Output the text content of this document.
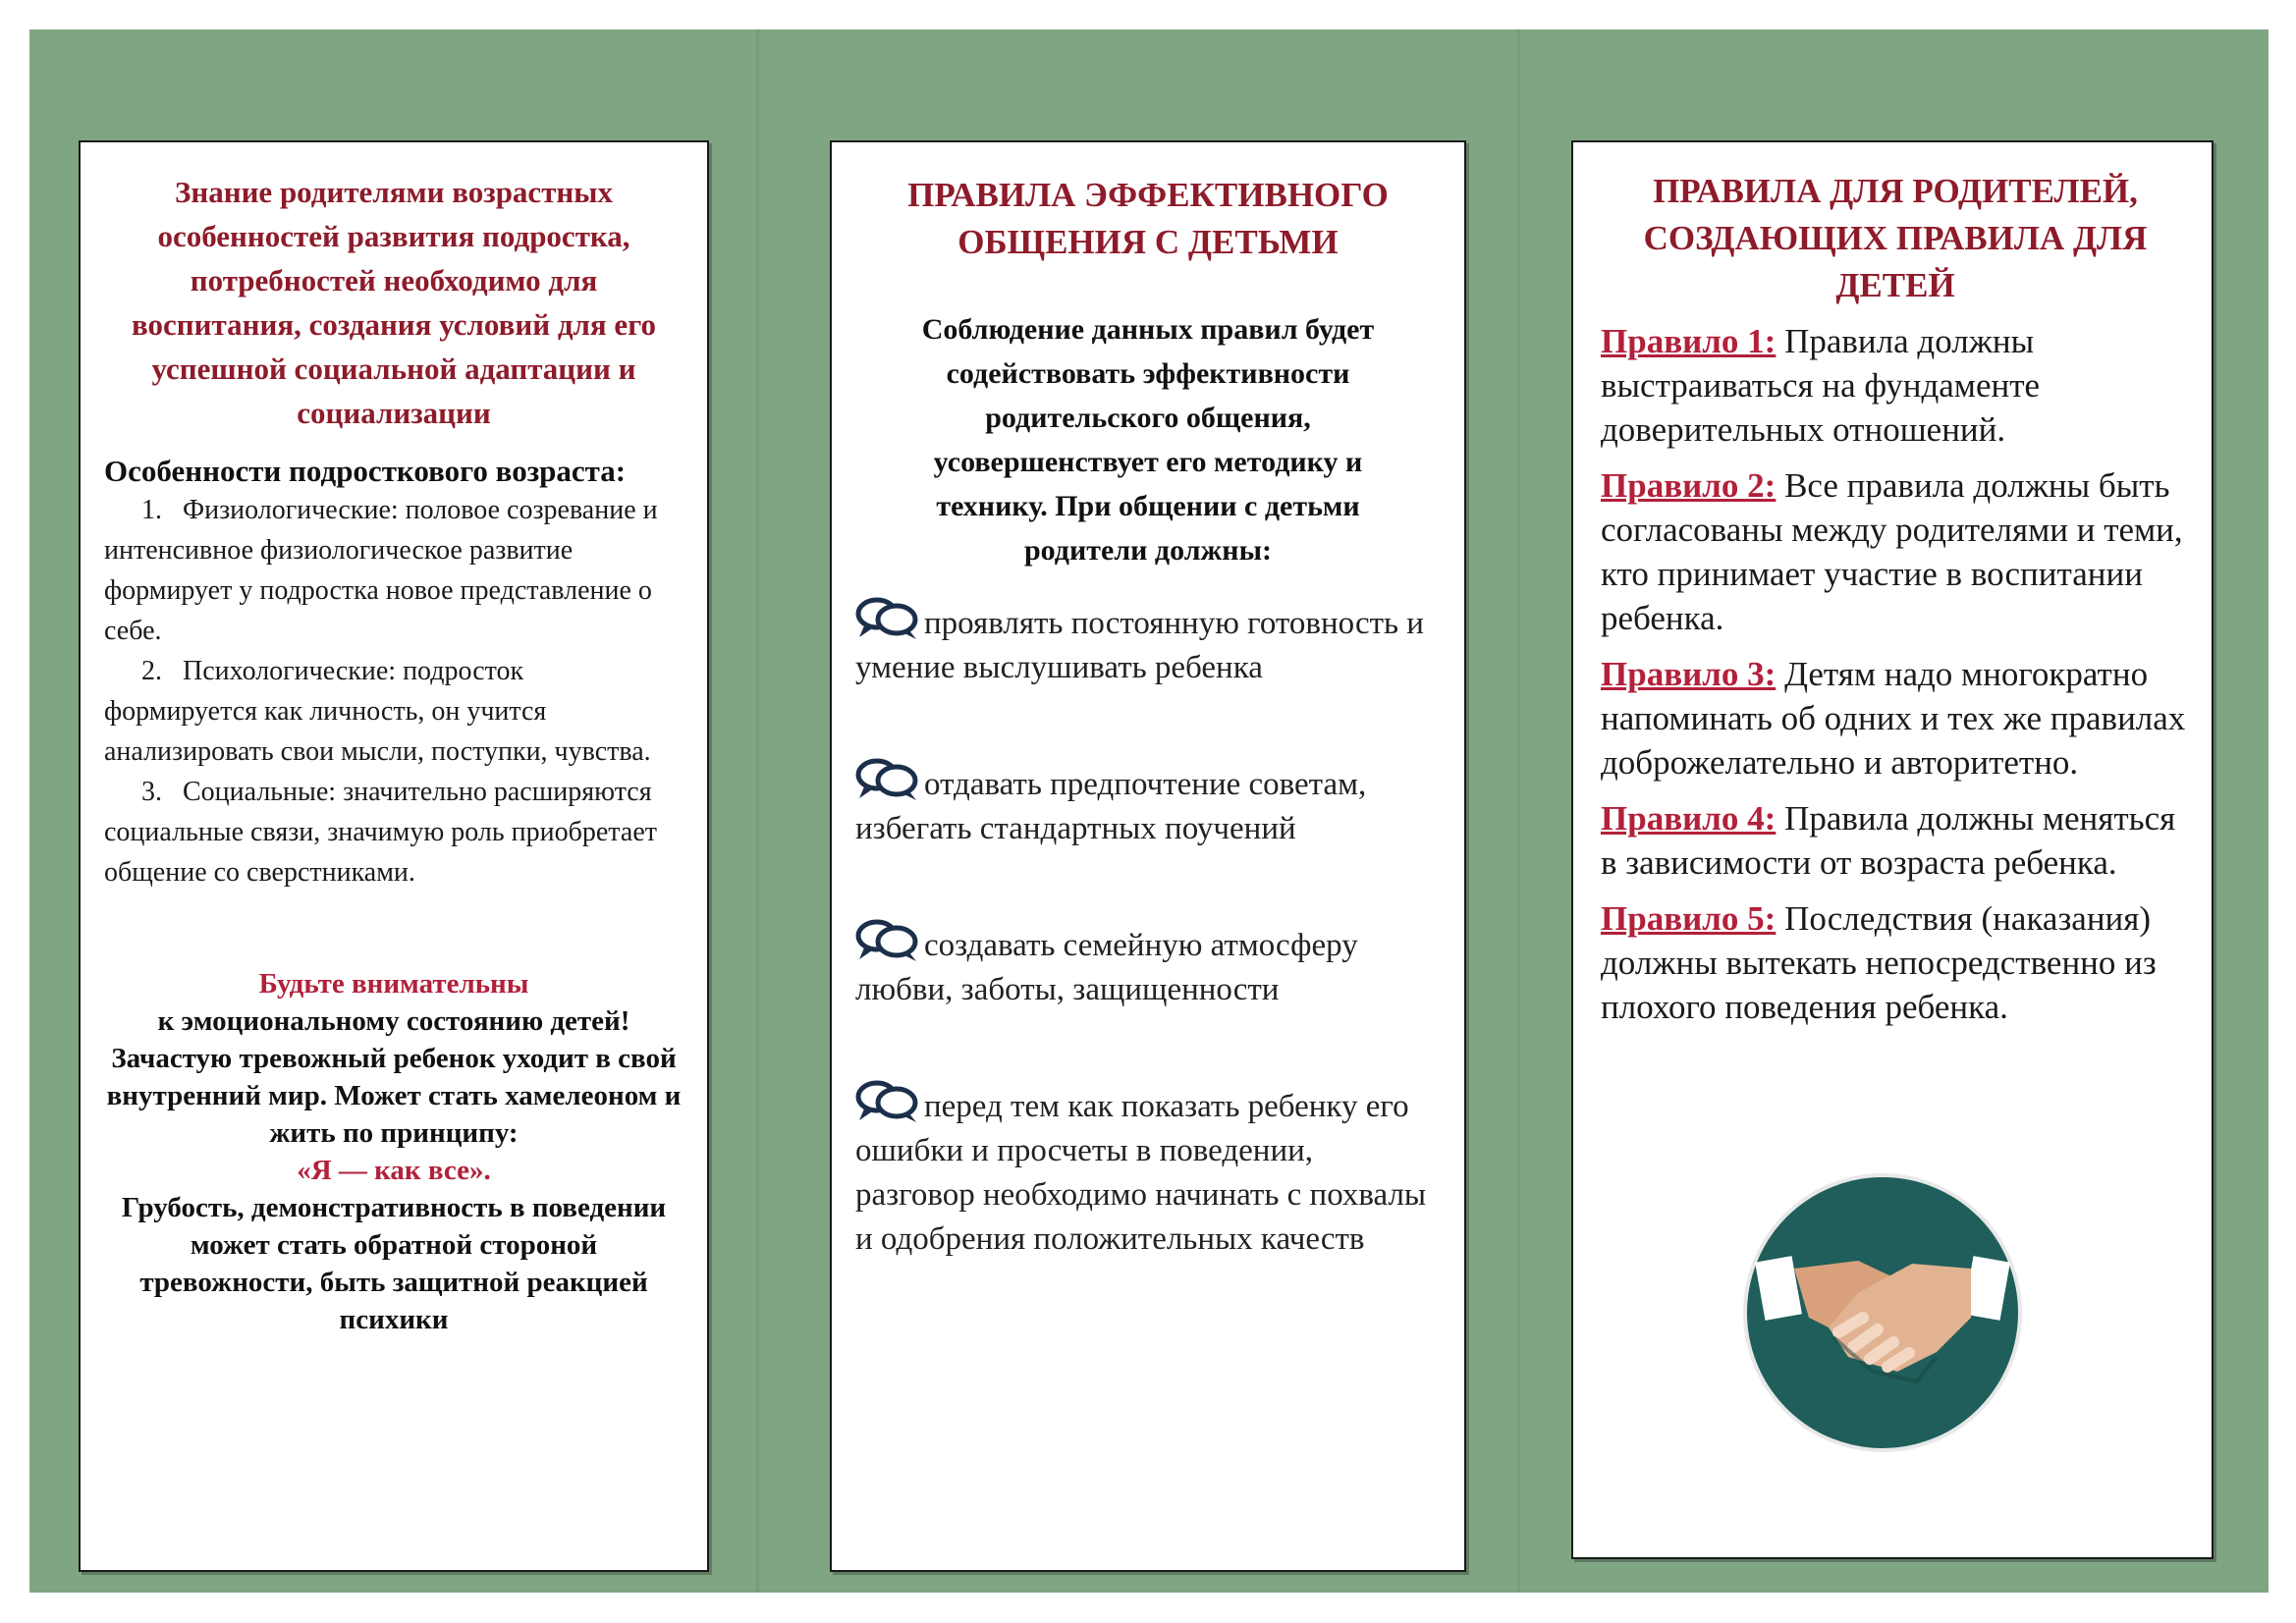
Знание родителями возрастных особенностей развития подростка, потребностей необходимо для воспитания, создания условий для его успешной социальной адаптации и социализации

Особенности подросткового возраста:

1. Физиологические: половое созревание и интенсивное физиологическое развитие формирует у подростка новое представление о себе.
2. Психологические: подросток формируется как личность, он учится анализировать свои мысли, поступки, чувства.
3. Социальные: значительно расширяются социальные связи, значимую роль приобретает общение со сверстниками.
Будьте внимательны
к эмоциональному состоянию детей! Зачастую тревожный ребенок уходит в свой внутренний мир. Может стать хамелеоном и жить по принципу:
«Я — как все».
Грубость, демонстративность в поведении может стать обратной стороной тревожности, быть защитной реакцией психики

ПРАВИЛА ЭФФЕКТИВНОГО ОБЩЕНИЯ С ДЕТЬМИ

Соблюдение данных правил будет содействовать эффективности родительского общения, усовершенствует его методику и технику. При общении с детьми родители должны:

проявлять постоянную готовность и умение выслушивать ребенка
отдавать предпочтение советам, избегать стандартных поучений
создавать семейную атмосферу любви, заботы, защищенности
перед тем как показать ребенку его ошибки и просчеты в поведении, разговор необходимо начинать с похвалы и одобрения положительных качеств

ПРАВИЛА ДЛЯ РОДИТЕЛЕЙ, СОЗДАЮЩИХ ПРАВИЛА ДЛЯ ДЕТЕЙ

Правило 1: Правила должны выстраиваться на фундаменте доверительных отношений.
Правило 2: Все правила должны быть согласованы между родителями и теми, кто принимает участие в воспитании ребенка.
Правило 3: Детям надо многократно напоминать об одних и тех же правилах доброжелательно и авторитетно.
Правило 4: Правила должны меняться в зависимости от возраста ребенка.
Правило 5: Последствия (наказания) должны вытекать непосредственно из плохого поведения ребенка.
